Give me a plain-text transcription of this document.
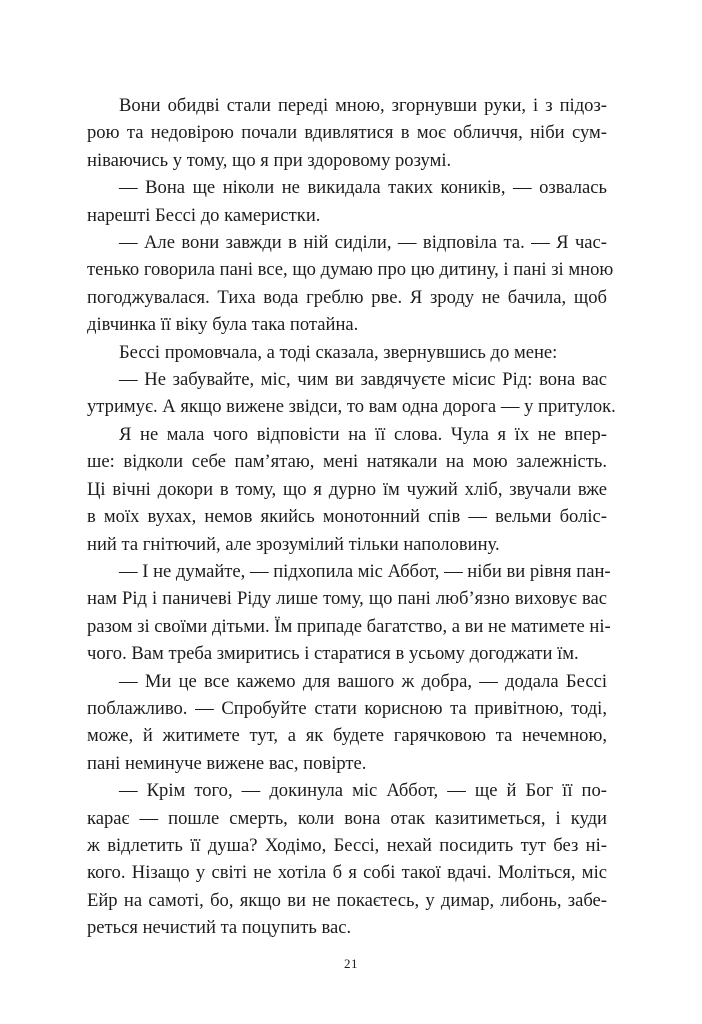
Вони обидві стали переді мною, згорнувши руки, і з підоз-
рою та недовірою почали вдивлятися в моє обличчя, ніби сум-
ніваючись у тому, що я при здоровому розумі.

— Вона ще ніколи не викидала таких коників, — озвалась
нарешті Бессі до камеристки.

— Але вони завжди в ній сиділи, — відповіла та. — Я час-
тенько говорила пані все, що думаю про цю дитину, і пані зі мною
погоджувалася. Тиха вода греблю рве. Я зроду не бачила, щоб
дівчинка її віку була така потайна.

Бессі промовчала, а тоді сказала, звернувшись до мене:

— Не забувайте, міс, чим ви завдячуєте місис Рід: вона вас
утримує. А якщо вижене звідси, то вам одна дорога — у притулок.

Я не мала чого відповісти на її слова. Чула я їх не впер-
ше: відколи себе пам’ятаю, мені натякали на мою залежність.
Ці вічні докори в тому, що я дурно їм чужий хліб, звучали вже
в моїх вухах, немов якийсь монотонний спів — вельми боліс-
ний та гнітючий, але зрозумілий тільки наполовину.

— І не думайте, — підхопила міс Аббот, — ніби ви рівня пан-
нам Рід і паничеві Ріду лише тому, що пані люб’язно виховує вас
разом зі своїми дітьми. Їм припаде багатство, а ви не матимете ні-
чого. Вам треба змиритись і старатися в усьому догоджати їм.

— Ми це все кажемо для вашого ж добра, — додала Бессі
поблажливо. — Спробуйте стати корисною та привітною, тоді,
може, й житимете тут, а як будете гарячковою та нечемною,
пані неминуче вижене вас, повірте.

— Крім того, — докинула міс Аббот, — ще й Бог її по-
карає — пошле смерть, коли вона отак казитиметься, і куди
ж відлетить її душа? Ходімо, Бессі, нехай посидить тут без ні-
кого. Нізащо у світі не хотіла б я собі такої вдачі. Моліться, міс
Ейр на самоті, бо, якщо ви не покаєтесь, у димар, либонь, забе-
реться нечистий та поцупить вас.

21
